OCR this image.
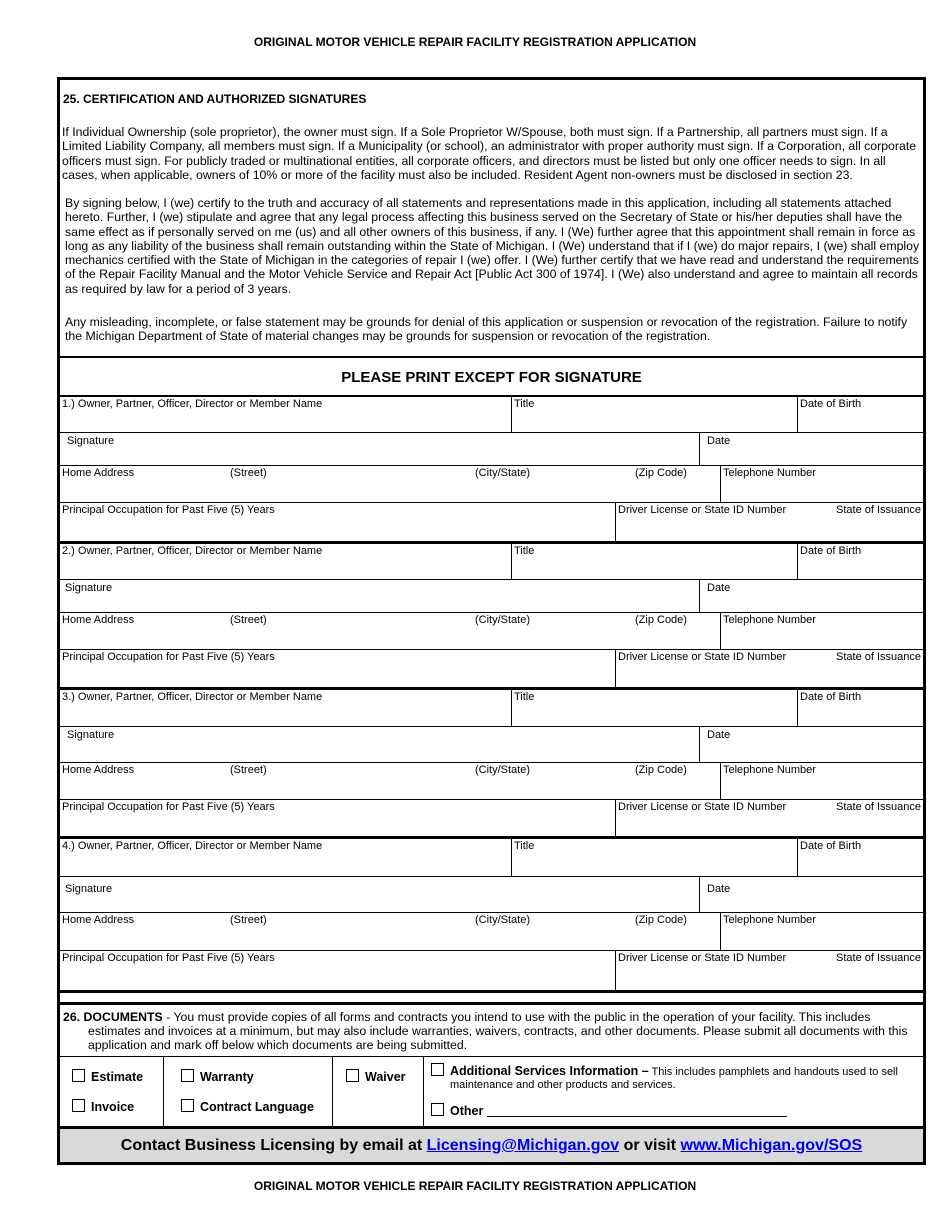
ORIGINAL MOTOR VEHICLE REPAIR FACILITY REGISTRATION APPLICATION
25. CERTIFICATION AND AUTHORIZED SIGNATURES
If Individual Ownership (sole proprietor), the owner must sign. If a Sole Proprietor W/Spouse, both must sign. If a Partnership, all partners must sign. If a Limited Liability Company, all members must sign. If a Municipality (or school), an administrator with proper authority must sign. If a Corporation, all corporate officers must sign. For publicly traded or multinational entities, all corporate officers, and directors must be listed but only one officer needs to sign. In all cases, when applicable, owners of 10% or more of the facility must also be included. Resident Agent non-owners must be disclosed in section 23.
By signing below, I (we) certify to the truth and accuracy of all statements and representations made in this application, including all statements attached hereto. Further, I (we) stipulate and agree that any legal process affecting this business served on the Secretary of State or his/her deputies shall have the same effect as if personally served on me (us) and all other owners of this business, if any. I (We) further agree that this appointment shall remain in force as long as any liability of the business shall remain outstanding within the State of Michigan. I (We) understand that if I (we) do major repairs, I (we) shall employ mechanics certified with the State of Michigan in the categories of repair I (we) offer. I (We) further certify that we have read and understand the requirements of the Repair Facility Manual and the Motor Vehicle Service and Repair Act [Public Act 300 of 1974]. I (We) also understand and agree to maintain all records as required by law for a period of 3 years.
Any misleading, incomplete, or false statement may be grounds for denial of this application or suspension or revocation of the registration. Failure to notify the Michigan Department of State of material changes may be grounds for suspension or revocation of the registration.
PLEASE PRINT EXCEPT FOR SIGNATURE
1.) Owner, Partner, Officer, Director or Member Name	Title	Date of Birth
Signature	Date
Home Address	(Street)	(City/State)	(Zip Code)	Telephone Number
Principal Occupation for Past Five (5) Years	Driver License or State ID Number	State of Issuance
2.) Owner, Partner, Officer, Director or Member Name	Title	Date of Birth
Signature	Date
Home Address	(Street)	(City/State)	(Zip Code)	Telephone Number
Principal Occupation for Past Five (5) Years	Driver License or State ID Number	State of Issuance
3.) Owner, Partner, Officer, Director or Member Name	Title	Date of Birth
Signature	Date
Home Address	(Street)	(City/State)	(Zip Code)	Telephone Number
Principal Occupation for Past Five (5) Years	Driver License or State ID Number	State of Issuance
4.) Owner, Partner, Officer, Director or Member Name	Title	Date of Birth
Signature	Date
Home Address	(Street)	(City/State)	(Zip Code)	Telephone Number
Principal Occupation for Past Five (5) Years	Driver License or State ID Number	State of Issuance
26. DOCUMENTS - You must provide copies of all forms and contracts you intend to use with the public in the operation of your facility. This includes estimates and invoices at a minimum, but may also include warranties, waivers, contracts, and other documents. Please submit all documents with this application and mark off below which documents are being submitted.
Estimate
Invoice
Warranty
Contract Language
Waiver	Additional Services Information – This includes pamphlets and handouts used to sell
maintenance and other products and services.
Other
Contact Business Licensing by email at Licensing@Michigan.gov or visit www.Michigan.gov/SOS
ORIGINAL MOTOR VEHICLE REPAIR FACILITY REGISTRATION APPLICATION
